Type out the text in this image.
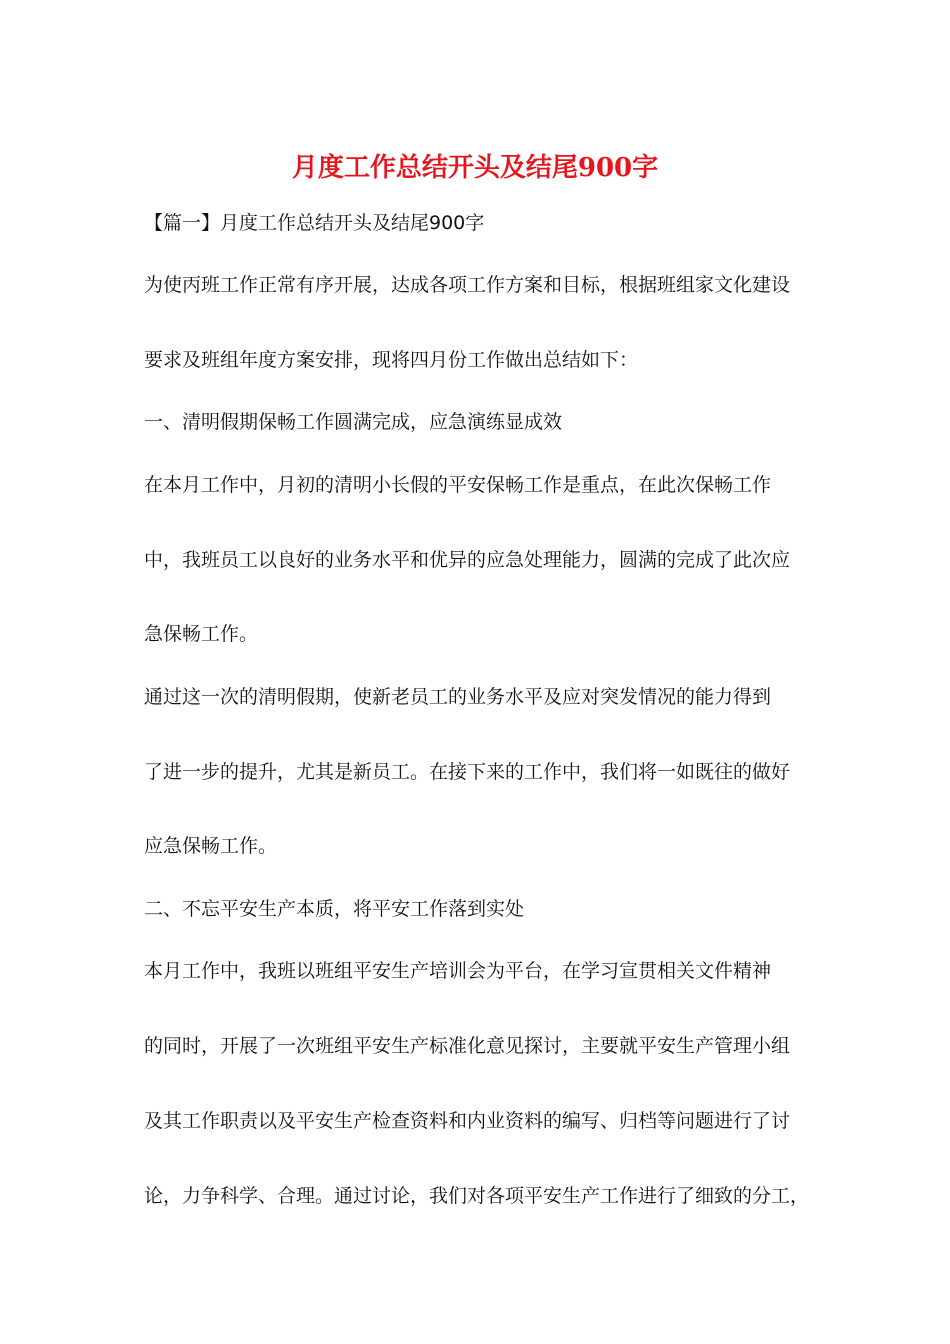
月度工作总结开头及结尾900字

【篇一】月度工作总结开头及结尾900字

为使丙班工作正常有序开展，达成各项工作方案和目标，根据班组家文化建设

要求及班组年度方案安排，现将四月份工作做出总结如下：

一、清明假期保畅工作圆满完成，应急演练显成效

在本月工作中，月初的清明小长假的平安保畅工作是重点，在此次保畅工作

中，我班员工以良好的业务水平和优异的应急处理能力，圆满的完成了此次应

急保畅工作。

通过这一次的清明假期，使新老员工的业务水平及应对突发情况的能力得到

了进一步的提升，尤其是新员工。在接下来的工作中，我们将一如既往的做好

应急保畅工作。

二、不忘平安生产本质，将平安工作落到实处

本月工作中，我班以班组平安生产培训会为平台，在学习宣贯相关文件精神

的同时，开展了一次班组平安生产标准化意见探讨，主要就平安生产管理小组

及其工作职责以及平安生产检查资料和内业资料的编写、归档等问题进行了讨

论，力争科学、合理。通过讨论，我们对各项平安生产工作进行了细致的分工，
